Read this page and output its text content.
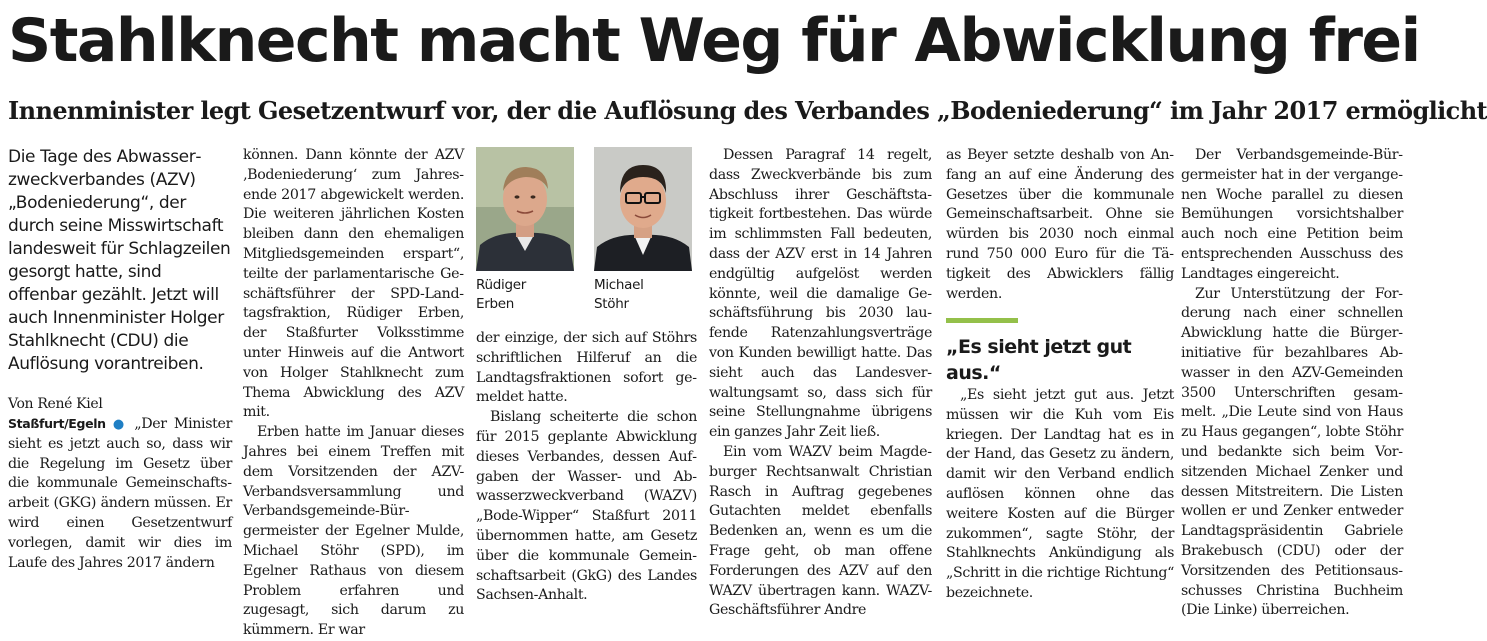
Stahlknecht macht Weg für Abwicklung frei
Innenminister legt Gesetzentwurf vor, der die Auflösung des Verbandes „Bodeniederung“ im Jahr 2017 ermöglicht

Die Tage des Abwasserzweckverbandes (AZV) „Bodeniederung“, der durch seine Misswirtschaft landesweit für Schlagzeilen gesorgt hatte, sind offenbar gezählt. Jetzt will auch Innenminister Holger Stahlknecht (CDU) die Auflösung vorantreiben.

Von René Kiel

Staßfurt/Egeln ● „Der Minister sieht es jetzt auch so, dass wir die Regelung im Gesetz über die kommunale Gemeinschaftsarbeit (GKG) ändern müssen. Er wird einen Gesetzentwurf vorlegen, damit wir dies im Laufe des Jahres 2017 ändern

können. Dann könnte der AZV ‚Bodeniederung‘ zum Jahresende 2017 abgewickelt werden. Die weiteren jährlichen Kosten bleiben dann den ehemaligen Mitgliedsgemeinden erspart“, teilte der parlamentarische Geschäftsführer der SPD-Landtagsfraktion, Rüdiger Erben, der Staßfurter Volksstimme unter Hinweis auf die Antwort von Holger Stahlknecht zum Thema Abwicklung des AZV mit.

Erben hatte im Januar dieses Jahres bei einem Treffen mit dem Vorsitzenden der AZV-Verbandsversammlung und Verbandsgemeinde-Bürgermeister der Egelner Mulde, Michael Stöhr (SPD), im Egelner Rathaus von diesem Problem erfahren und zugesagt, sich darum zu kümmern. Er war

Rüdiger
Erben
Michael
Stöhr

der einzige, der sich auf Stöhrs schriftlichen Hilferuf an die Landtagsfraktionen sofort gemeldet hatte.

Bislang scheiterte die schon für 2015 geplante Abwicklung dieses Verbandes, dessen Aufgaben der Wasser- und Abwasserzweckverband (WAZV) „Bode-Wipper“ Staßfurt 2011 übernommen hatte, am Gesetz über die kommunale Gemeinschaftsarbeit (GkG) des Landes Sachsen-Anhalt.

Dessen Paragraf 14 regelt, dass Zweckverbände bis zum Abschluss ihrer Geschäftstatigkeit fortbestehen. Das würde im schlimmsten Fall bedeuten, dass der AZV erst in 14 Jahren endgültig aufgelöst werden könnte, weil die damalige Geschäftsführung bis 2030 laufende Ratenzahlungsverträge von Kunden bewilligt hatte. Das sieht auch das Landesverwaltungsamt so, dass sich für seine Stellungnahme übrigens ein ganzes Jahr Zeit ließ.

Ein vom WAZV beim Magdeburger Rechtsanwalt Christian Rasch in Auftrag gegebenes Gutachten meldet ebenfalls Bedenken an, wenn es um die Frage geht, ob man offene Forderungen des AZV auf den WAZV übertragen kann. WAZV-Geschäftsführer Andre

as Beyer setzte deshalb von Anfang an auf eine Änderung des Gesetzes über die kommunale Gemeinschaftsarbeit. Ohne sie würden bis 2030 noch einmal rund 750 000 Euro für die Tätigkeit des Abwicklers fällig werden.

„Es sieht jetzt gut aus.“

„Es sieht jetzt gut aus. Jetzt müssen wir die Kuh vom Eis kriegen. Der Landtag hat es in der Hand, das Gesetz zu ändern, damit wir den Verband endlich auflösen können ohne das weitere Kosten auf die Bürger zukommen“, sagte Stöhr, der Stahlknechts Ankündigung als „Schritt in die richtige Richtung“ bezeichnete.

Der Verbandsgemeinde-Bürgermeister hat in der vergangenen Woche parallel zu diesen Bemühungen vorsichtshalber auch noch eine Petition beim entsprechenden Ausschuss des Landtages eingereicht.

Zur Unterstützung der Forderung nach einer schnellen Abwicklung hatte die Bürgerinitiative für bezahlbares Abwasser in den AZV-Gemeinden 3500 Unterschriften gesammelt. „Die Leute sind von Haus zu Haus gegangen“, lobte Stöhr und bedankte sich beim Vorsitzenden Michael Zenker und dessen Mitstreitern. Die Listen wollen er und Zenker entweder Landtagspräsidentin Gabriele Brakebusch (CDU) oder der Vorsitzenden des Petitionsausschusses Christina Buchheim (Die Linke) überreichen.
